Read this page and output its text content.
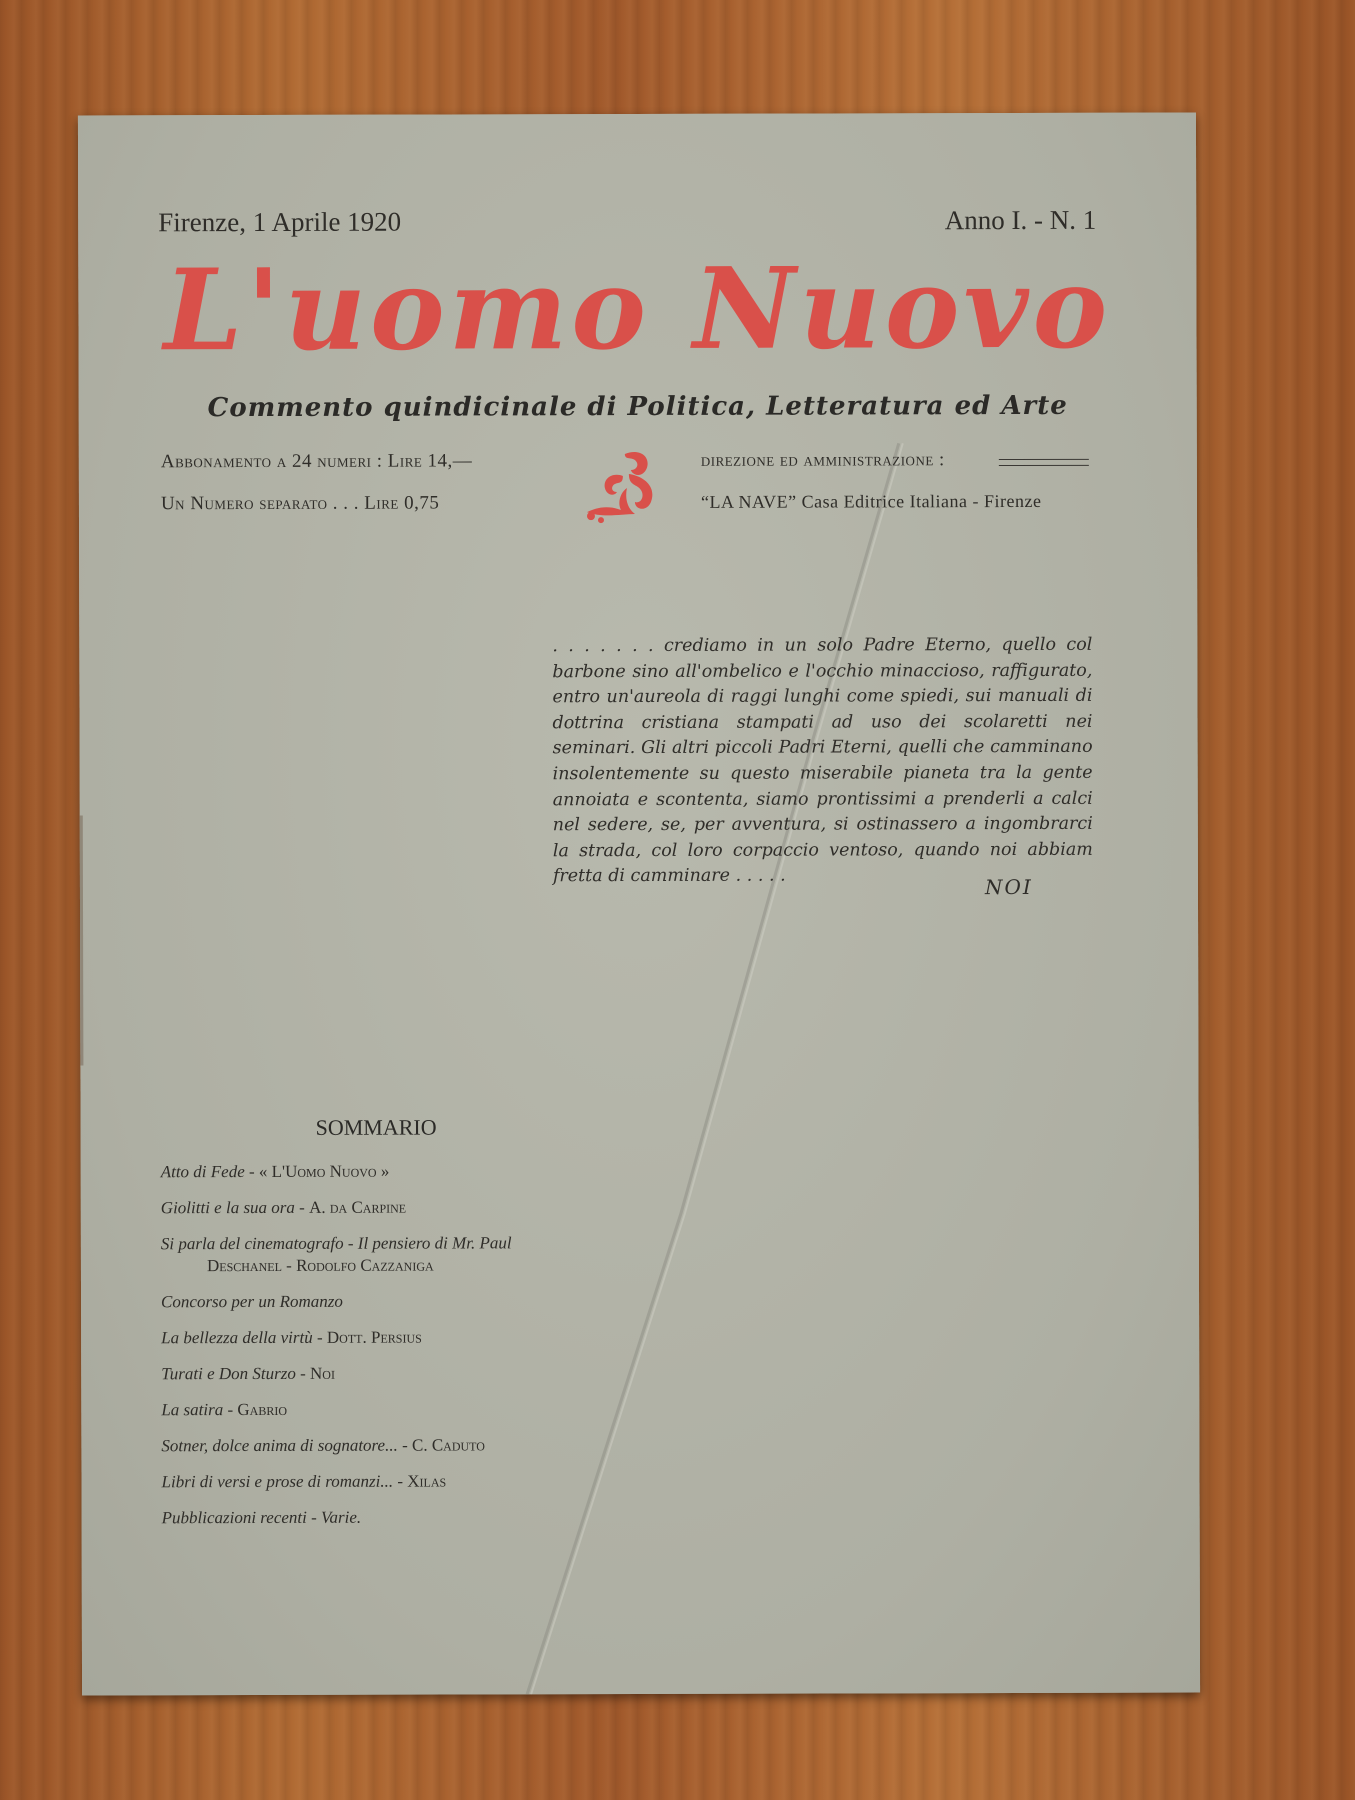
Firenze, 1 Aprile 1920	Anno I. - N. 1
L'uomo Nuovo
Commento quindicinale di Politica, Letteratura ed Arte
Abbonamento a 24 numeri : Lire 14,—
Un Numero separato . . . Lire 0,75
direzione ed amministrazione :
“LA NAVE” Casa Editrice Italiana - Firenze
. . . . . . . crediamo in un solo Padre Eterno, quello col barbone sino all'ombelico e l'occhio minaccioso, raffigurato, entro un'aureola di raggi lunghi come spiedi, sui manuali di dottrina cristiana stampati ad uso dei scolaretti nei seminari. Gli altri piccoli Padri Eterni, quelli che camminano insolentemente su questo miserabile pianeta tra la gente annoiata e scontenta, siamo prontissimi a prenderli a calci nel sedere, se, per avventura, si ostinassero a ingombrarci la strada, col loro corpaccio ventoso, quando noi abbiam fretta di camminare . . . . .	NOI
SOMMARIO
Atto di Fede - « L'Uomo Nuovo »
Giolitti e la sua ora - A. da Carpine
Si parla del cinematografo - Il pensiero di Mr. Paul
Deschanel - Rodolfo Cazzaniga
Concorso per un Romanzo
La bellezza della virtù - Dott. Persius
Turati e Don Sturzo - Noi
La satira - Gabrio
Sotner, dolce anima di sognatore... - C. Caduto
Libri di versi e prose di romanzi... - Xilas
Pubblicazioni recenti - Varie.
